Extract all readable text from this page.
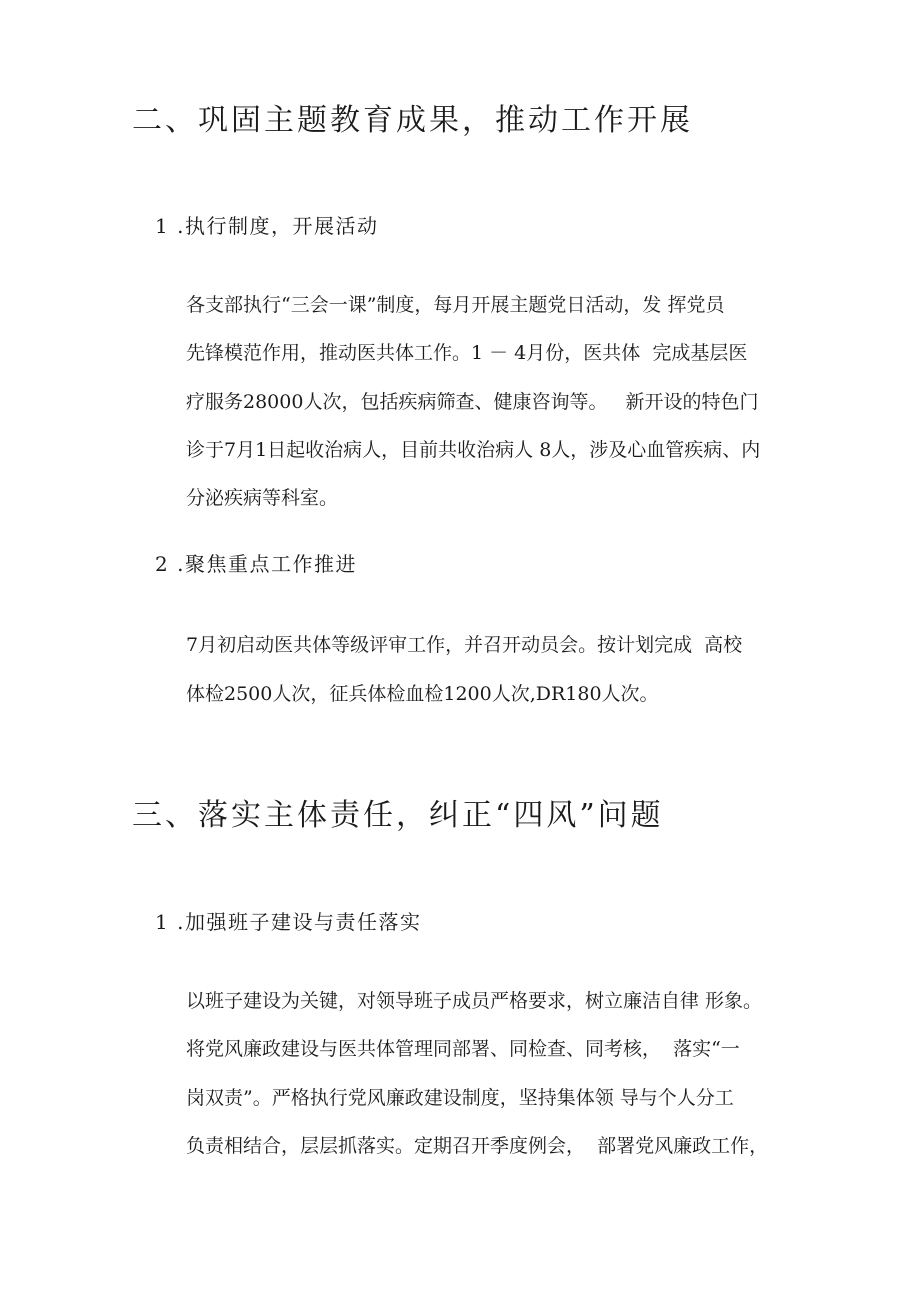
二、巩固主题教育成果，推动工作开展
1 .执行制度，开展活动

各支部执行“三会一课”制度，每月开展主题党日活动，发 挥党员

先锋模范作用，推动医共体工作。1 － 4月份，医共体  完成基层医

疗服务28000人次，包括疾病筛查、健康咨询等。   新开设的特色门

诊于7月1日起收治病人，目前共收治病人 8人，涉及心血管疾病、内

分泌疾病等科室。

2 .聚焦重点工作推进

7月初启动医共体等级评审工作，并召开动员会。按计划完成  高校

体检2500人次，征兵体检血检1200人次,DR180人次。

三、落实主体责任，纠正“四风”问题
1 .加强班子建设与责任落实

以班子建设为关键，对领导班子成员严格要求，树立廉洁自律 形象。

将党风廉政建设与医共体管理同部署、同检查、同考核，  落实“一

岗双责”。严格执行党风廉政建设制度，坚持集体领 导与个人分工

负责相结合，层层抓落实。定期召开季度例会，  部署党风廉政工作，
